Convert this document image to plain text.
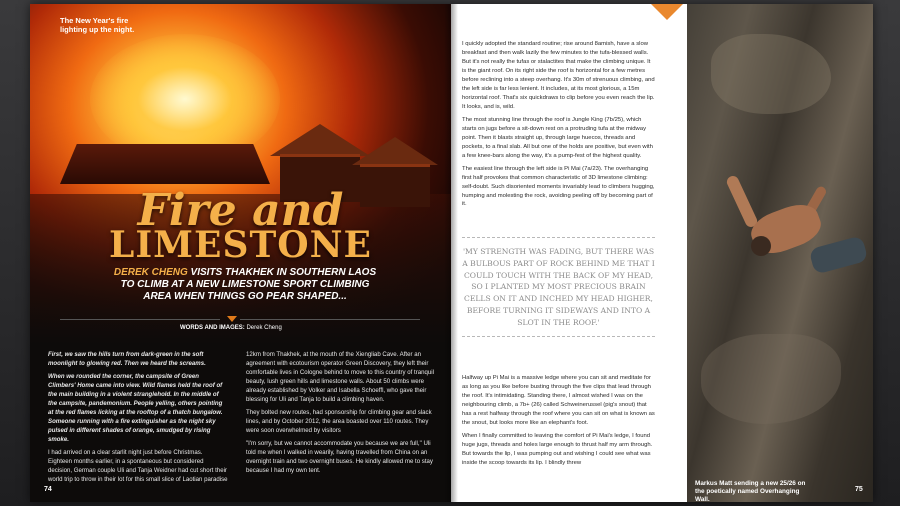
The New Year's fire
lighting up the night.
Fire and
LIMESTONE
DEREK CHENG VISITS THAKHEK IN SOUTHERN LAOS TO CLIMB AT A NEW LIMESTONE SPORT CLIMBING AREA WHEN THINGS GO PEAR SHAPED...
WORDS AND IMAGES: Derek Cheng

First, we saw the hills turn from dark-green in the soft moonlight to glowing red. Then we heard the screams.

When we rounded the corner, the campsite of Green Climbers' Home came into view. Wild flames held the roof of the main building in a violent stranglehold. In the middle of the campsite, pandemonium. People yelling, others pointing at the red flames licking at the rooftop of a thatch bungalow. Someone running with a fire extinguisher as the night sky pulsed in different shades of orange, smudged by rising smoke.

I had arrived on a clear starlit night just before Christmas. Eighteen months earlier, in a spontaneous but considered decision, German couple Uli and Tanja Weidner had cut short their world trip to throw in their lot for this small slice of Laotian paradise

12km from Thakhek, at the mouth of the Xiengliab Cave. After an agreement with ecotourism operator Green Discovery, they left their comfortable lives in Cologne behind to move to this country of tranquil beauty, lush green hills and limestone walls. About 50 climbs were already established by Volker and Isabella Schoeffl, who gave their blessing for Uli and Tanja to build a climbing haven.

They bolted new routes, had sponsorship for climbing gear and slack lines, and by October 2012, the area boasted over 110 routes. They were soon overwhelmed by visitors

"I'm sorry, but we cannot accommodate you because we are full," Uli told me when I walked in wearily, having travelled from China on an overnight train and two overnight buses. He kindly allowed me to stay because I had my own tent.

74

I quickly adopted the standard routine; rise around 8amish, have a slow breakfast and then walk lazily the few minutes to the tufa-blessed walls. But it's not really the tufas or stalactites that make the climbing unique. It is the giant roof. On its right side the roof is horizontal for a few metres before reclining into a steep overhang. It's 30m of strenuous climbing, and the left side is far less lenient. It includes, at its most glorious, a 15m horizontal roof. That's six quickdraws to clip before you even reach the lip. It looks, and is, wild.

The most stunning line through the roof is Jungle King (7b/25), which starts on jugs before a sit-down rest on a protruding tufa at the midway point. Then it blasts straight up, through large huecos, threads and pockets, to a final slab. All but one of the holds are positive, but even with a few knee-bars along the way, it's a pump-fest of the highest quality.

The easiest line through the left side is Pi Mai (7a/23). The overhanging first half provokes that common characteristic of 3D limestone climbing: self-doubt. Such disoriented moments invariably lead to climbers hugging, humping and molesting the rock, avoiding peeling off by becoming part of it.

'MY STRENGTH WAS FADING, BUT THERE WAS A BULBOUS PART OF ROCK BEHIND ME THAT I COULD TOUCH WITH THE BACK OF MY HEAD, SO I PLANTED MY MOST PRECIOUS BRAIN CELLS ON IT AND INCHED MY HEAD HIGHER, BEFORE TURNING IT SIDEWAYS AND INTO A SLOT IN THE ROOF.'

Halfway up Pi Mai is a massive ledge where you can sit and meditate for as long as you like before busting through the five clips that lead through the roof. It's intimidating. Standing there, I almost wished I was on the neighbouring climb, a 7b+ (26) called Schweinerussel (pig's snout) that has a rest halfway through the roof where you can sit on what is known as the snout, but looks more like an elephant's foot.

When I finally committed to leaving the comfort of Pi Mai's ledge, I found huge jugs, threads and holes large enough to thrust half my arm through. But towards the lip, I was pumping out and wishing I could see what was inside the scoop towards its lip. I blindly threw

Markus Matt sending a new 25/26 on the poetically named Overhanging Wall.
75
